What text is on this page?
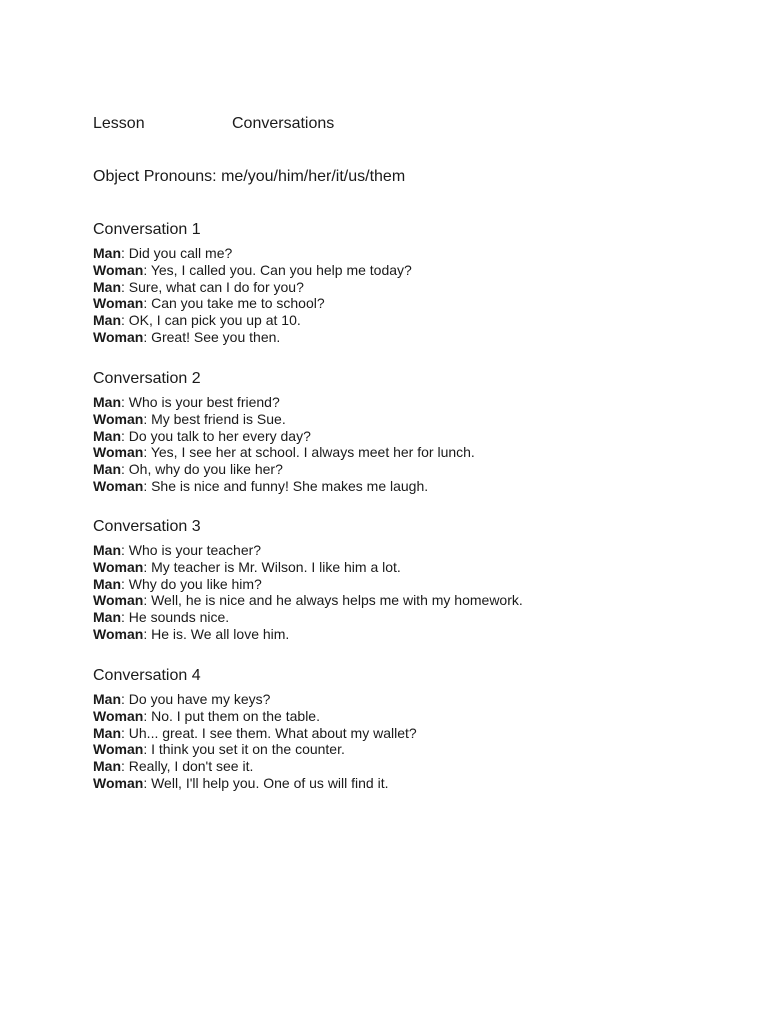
Lesson	Conversations
Object Pronouns: me/you/him/her/it/us/them
Conversation 1
Man: Did you call me?
Woman: Yes, I called you. Can you help me today?
Man: Sure, what can I do for you?
Woman: Can you take me to school?
Man: OK, I can pick you up at 10.
Woman: Great! See you then.
Conversation 2
Man: Who is your best friend?
Woman: My best friend is Sue.
Man: Do you talk to her every day?
Woman: Yes, I see her at school. I always meet her for lunch.
Man: Oh, why do you like her?
Woman: She is nice and funny! She makes me laugh.
Conversation 3
Man: Who is your teacher?
Woman: My teacher is Mr. Wilson. I like him a lot.
Man: Why do you like him?
Woman: Well, he is nice and he always helps me with my homework.
Man: He sounds nice.
Woman: He is. We all love him.
Conversation 4
Man: Do you have my keys?
Woman: No. I put them on the table.
Man: Uh... great. I see them. What about my wallet?
Woman: I think you set it on the counter.
Man: Really, I don't see it.
Woman: Well, I'll help you. One of us will find it.
